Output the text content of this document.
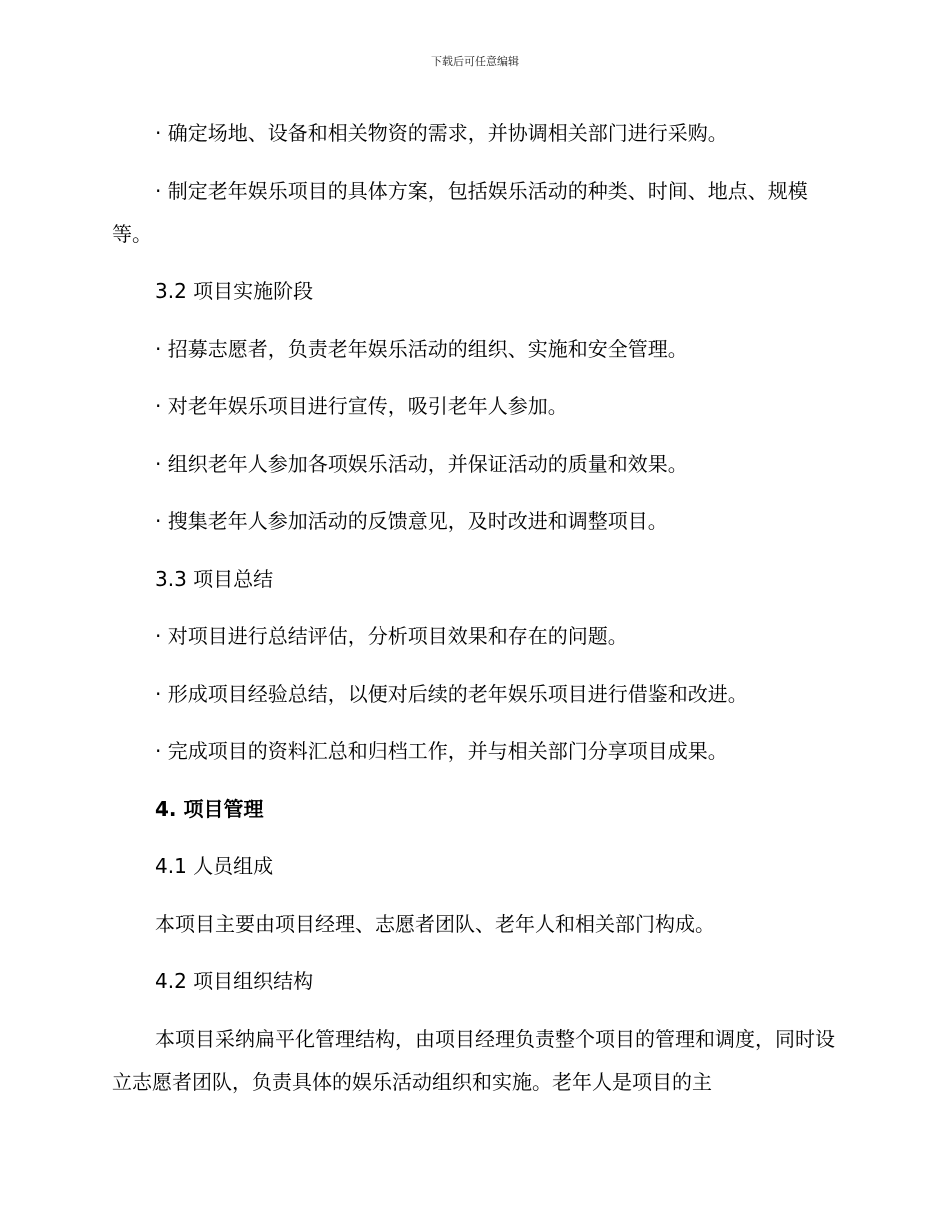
下载后可任意编辑

· 确定场地、设备和相关物资的需求，并协调相关部门进行采购。

· 制定老年娱乐项目的具体方案，包括娱乐活动的种类、时间、地点、规模等。

3.2 项目实施阶段

· 招募志愿者，负责老年娱乐活动的组织、实施和安全管理。

· 对老年娱乐项目进行宣传，吸引老年人参加。

· 组织老年人参加各项娱乐活动，并保证活动的质量和效果。

· 搜集老年人参加活动的反馈意见，及时改进和调整项目。

3.3 项目总结

· 对项目进行总结评估，分析项目效果和存在的问题。

· 形成项目经验总结，以便对后续的老年娱乐项目进行借鉴和改进。

· 完成项目的资料汇总和归档工作，并与相关部门分享项目成果。

4. 项目管理

4.1 人员组成

本项目主要由项目经理、志愿者团队、老年人和相关部门构成。

4.2 项目组织结构

本项目采纳扁平化管理结构，由项目经理负责整个项目的管理和调度，同时设立志愿者团队，负责具体的娱乐活动组织和实施。老年人是项目的主
